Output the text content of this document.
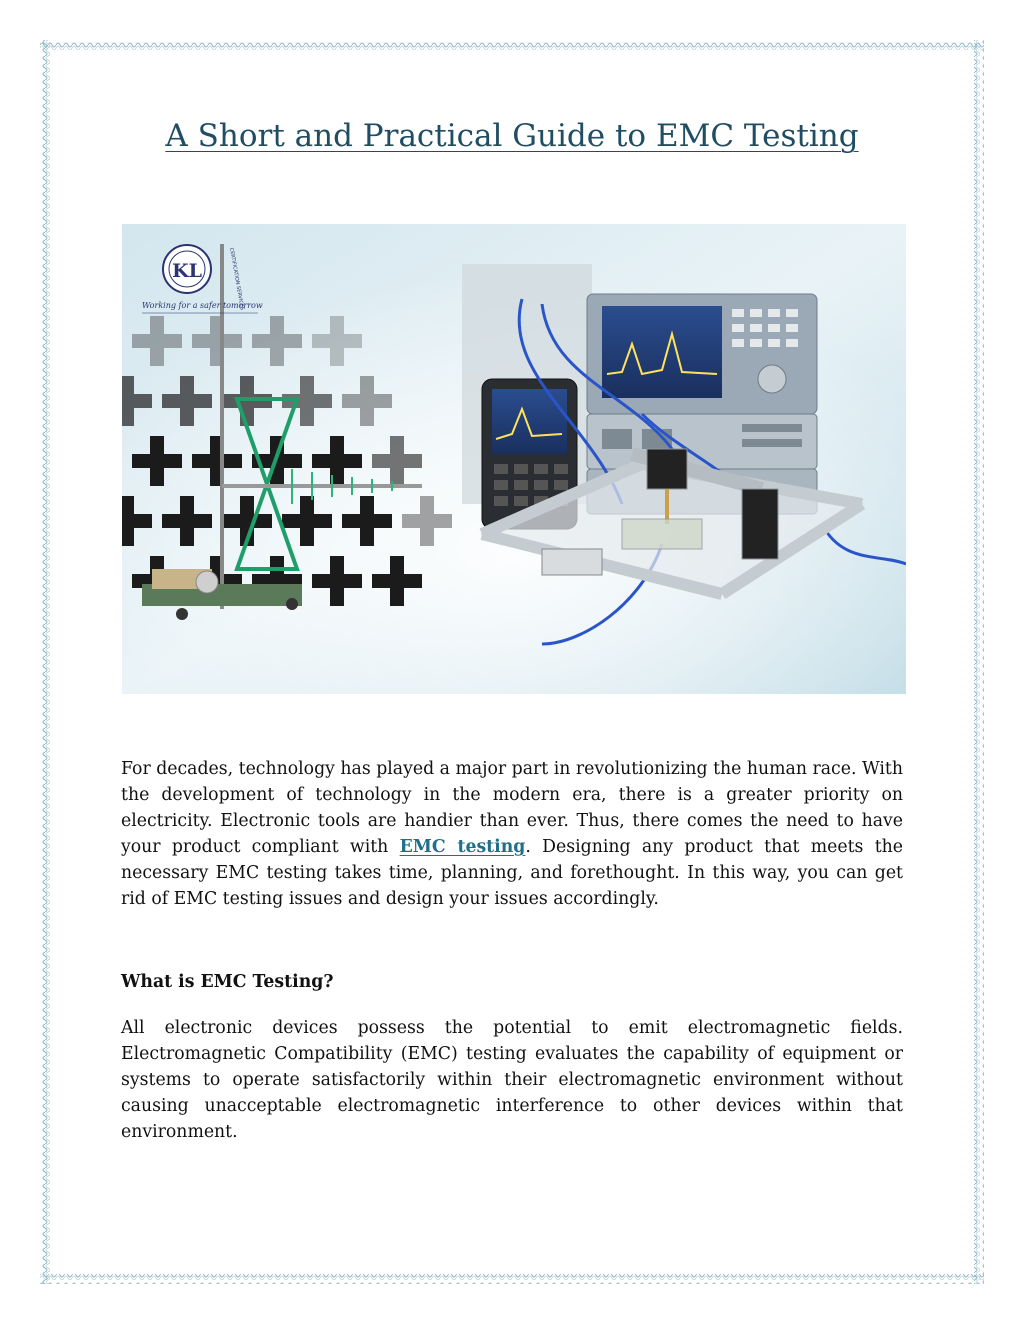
A Short and Practical Guide to EMC Testing
KL	CERTIFICATION SERVICES
Working for a safer tomorrow

For decades, technology has played a major part in revolutionizing the human race. With the development of technology in the modern era, there is a greater priority on electricity. Electronic tools are handier than ever. Thus, there comes the need to have your product compliant with EMC testing. Designing any product that meets the necessary EMC testing takes time, planning, and forethought. In this way, you can get rid of EMC testing issues and design your issues accordingly.

What is EMC Testing?

All electronic devices possess the potential to emit electromagnetic fields. Electromagnetic Compatibility (EMC) testing evaluates the capability of equipment or systems to operate satisfactorily within their electromagnetic environment without causing unacceptable electromagnetic interference to other devices within that environment.
